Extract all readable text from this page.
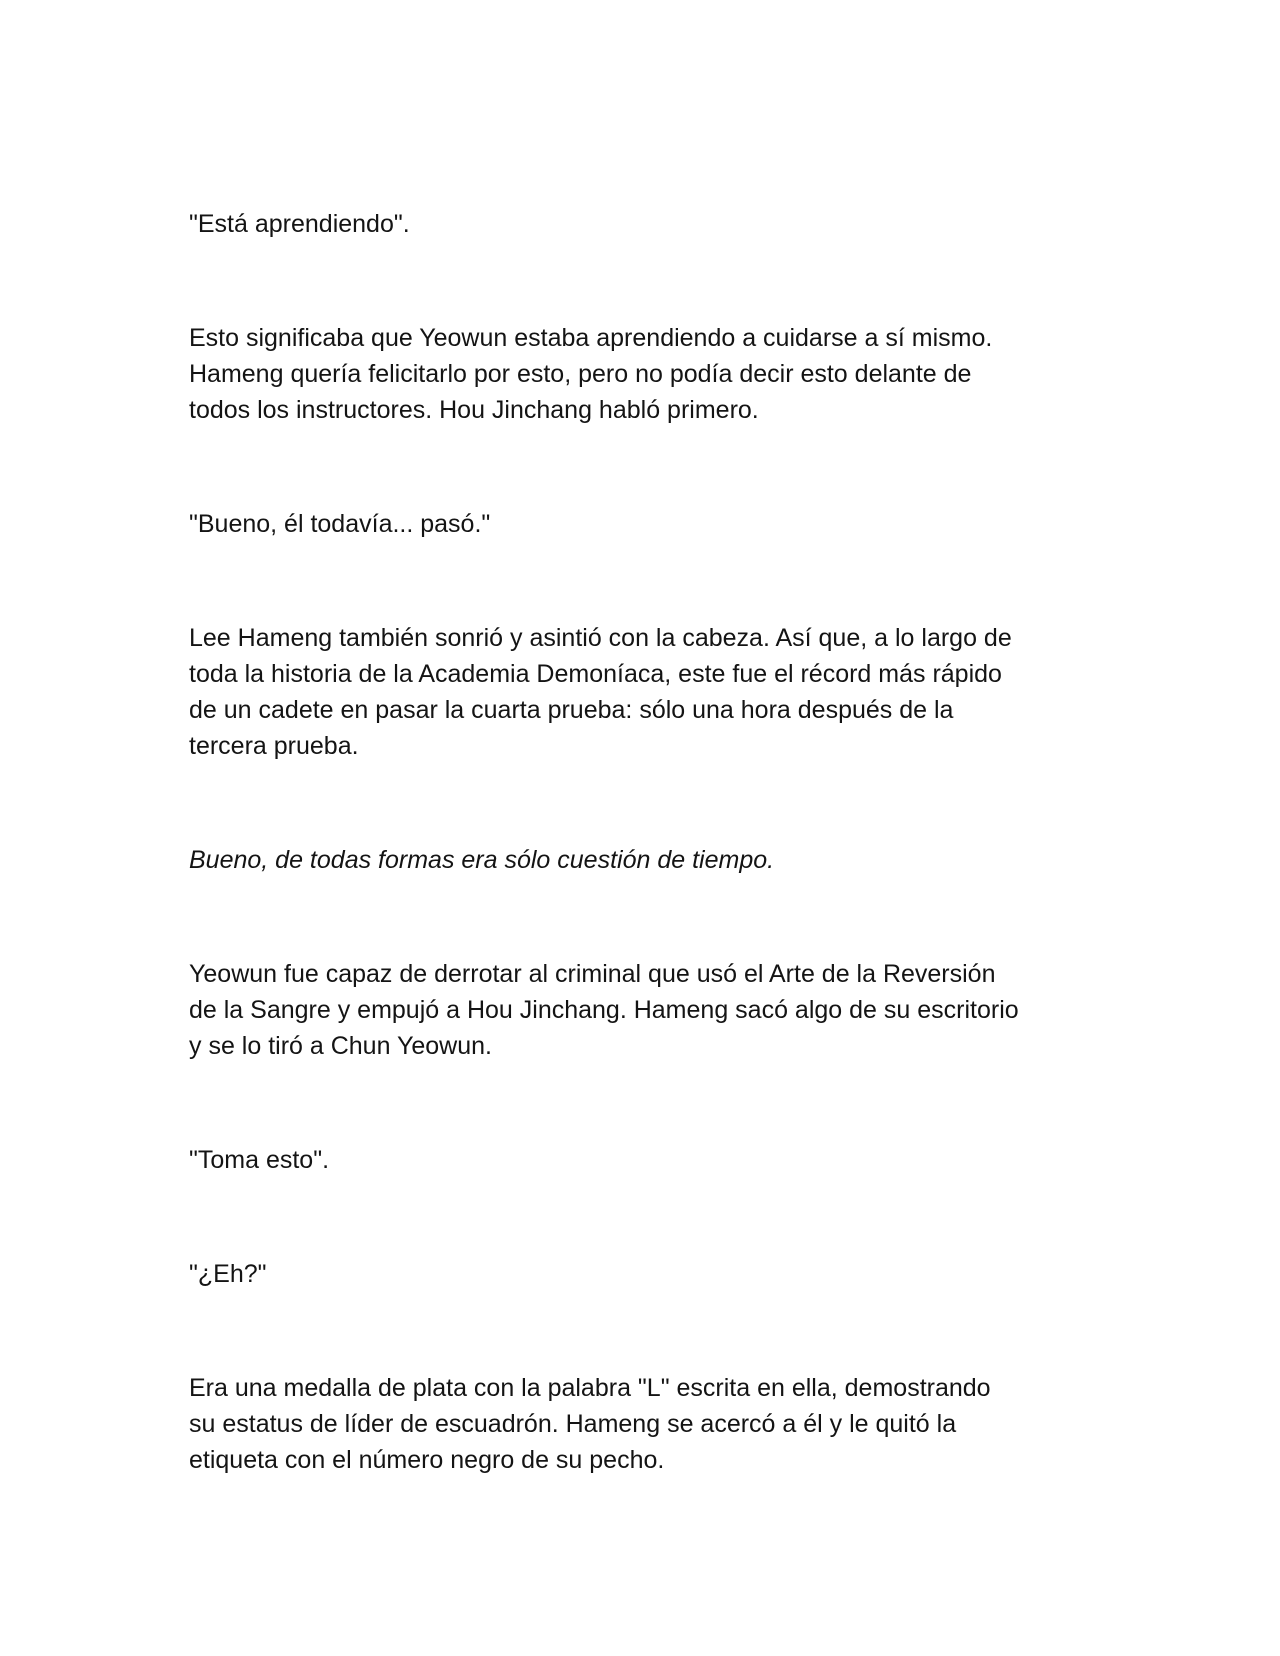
"Está aprendiendo".

Esto significaba que Yeowun estaba aprendiendo a cuidarse a sí mismo.
Hameng quería felicitarlo por esto, pero no podía decir esto delante de
todos los instructores. Hou Jinchang habló primero.

"Bueno, él todavía... pasó."

Lee Hameng también sonrió y asintió con la cabeza. Así que, a lo largo de
toda la historia de la Academia Demoníaca, este fue el récord más rápido
de un cadete en pasar la cuarta prueba: sólo una hora después de la
tercera prueba.

Bueno, de todas formas era sólo cuestión de tiempo.

Yeowun fue capaz de derrotar al criminal que usó el Arte de la Reversión
de la Sangre y empujó a Hou Jinchang. Hameng sacó algo de su escritorio
y se lo tiró a Chun Yeowun.

"Toma esto".

"¿Eh?"

Era una medalla de plata con la palabra "L" escrita en ella, demostrando
su estatus de líder de escuadrón. Hameng se acercó a él y le quitó la
etiqueta con el número negro de su pecho.
